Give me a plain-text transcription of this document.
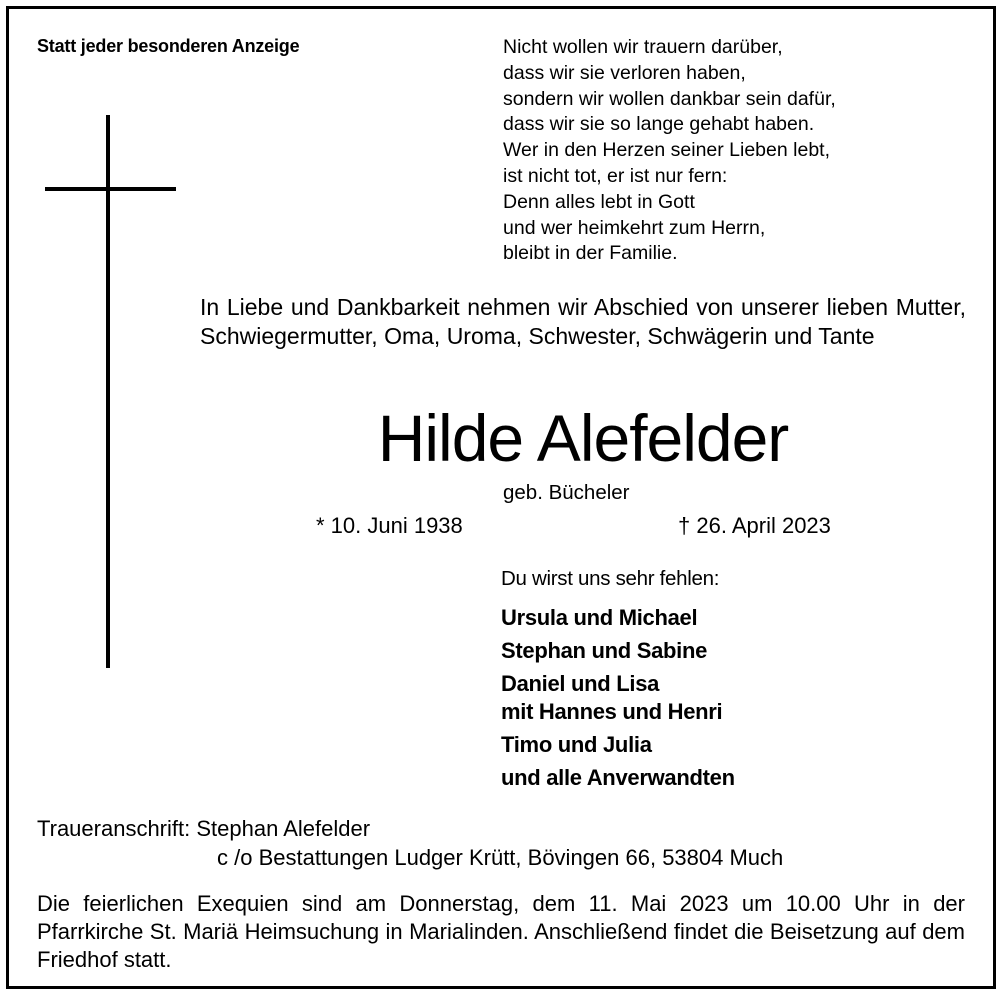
Statt jeder besonderen Anzeige	Nicht wollen wir trauern darüber,
dass wir sie verloren haben,
sondern wir wollen dankbar sein dafür,
dass wir sie so lange gehabt haben.
Wer in den Herzen seiner Lieben lebt,
ist nicht tot, er ist nur fern:
Denn alles lebt in Gott
und wer heimkehrt zum Herrn,
bleibt in der Familie.
In Liebe und Dankbarkeit nehmen wir Abschied von unserer lieben Mutter, Schwiegermutter, Oma, Uroma, Schwester, Schwägerin und Tante
Hilde Alefelder
geb. Bücheler
* 10. Juni 1938	† 26. April 2023
Du wirst uns sehr fehlen:
Ursula und Michael
Stephan und Sabine
Daniel und Lisa
mit Hannes und Henri
Timo und Julia
und alle Anverwandten
Traueranschrift: Stephan Alefelder
c /o Bestattungen Ludger Krütt, Bövingen 66, 53804 Much
Die feierlichen Exequien sind am Donnerstag, dem 11. Mai 2023 um 10.00 Uhr in der Pfarrkirche St. Mariä Heimsuchung in Marialinden. Anschließend findet die Beisetzung auf dem Friedhof statt.
